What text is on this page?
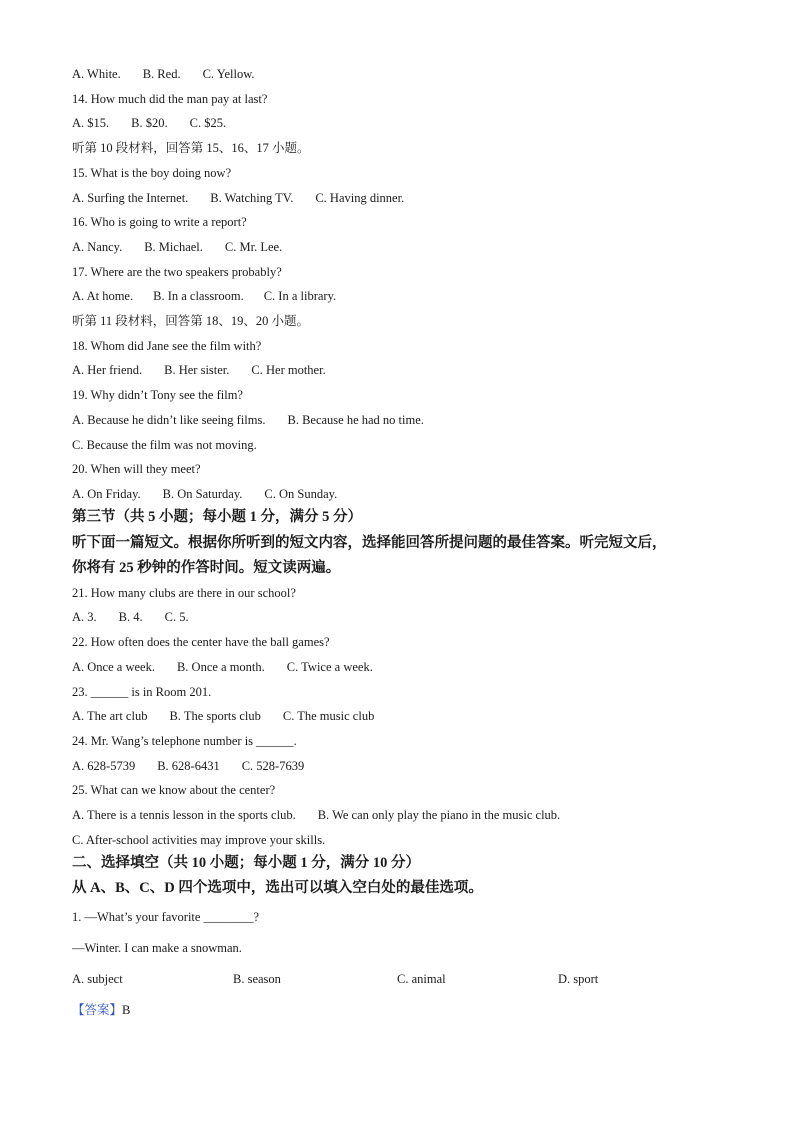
A. White. B. Red. C. Yellow.
14. How much did the man pay at last?
A. $15. B. $20. C. $25.
听第 10 段材料，回答第 15、16、17 小题。
15. What is the boy doing now?
A. Surfing the Internet. B. Watching TV. C. Having dinner.
16. Who is going to write a report?
A. Nancy. B. Michael. C. Mr. Lee.
17. Where are the two speakers probably?
A. At home. B. In a classroom. C. In a library.
听第 11 段材料，回答第 18、19、20 小题。
18. Whom did Jane see the film with?
A. Her friend. B. Her sister. C. Her mother.
19. Why didn’t Tony see the film?
A. Because he didn’t like seeing films. B. Because he had no time.
C. Because the film was not moving.
20. When will they meet?
A. On Friday. B. On Saturday. C. On Sunday.
第三节（共 5 小题；每小题 1 分，满分 5 分）
听下面一篇短文。根据你所听到的短文内容，选择能回答所提问题的最佳答案。听完短文后，
你将有 25 秒钟的作答时间。短文读两遍。
21. How many clubs are there in our school?
A. 3. B. 4. C. 5.
22. How often does the center have the ball games?
A. Once a week. B. Once a month. C. Twice a week.
23. ______ is in Room 201.
A. The art club B. The sports club C. The music club
24. Mr. Wang’s telephone number is ______.
A. 628-5739 B. 628-6431 C. 528-7639
25. What can we know about the center?
A. There is a tennis lesson in the sports club. B. We can only play the piano in the music club.
C. After-school activities may improve your skills.
二、选择填空（共 10 小题；每小题 1 分，满分 10 分）
从 A、B、C、D 四个选项中，选出可以填入空白处的最佳选项。
1. —What’s your favorite ________?
—Winter. I can make a snowman.
A. subject	B. season	C. animal	D. sport
【答案】B
